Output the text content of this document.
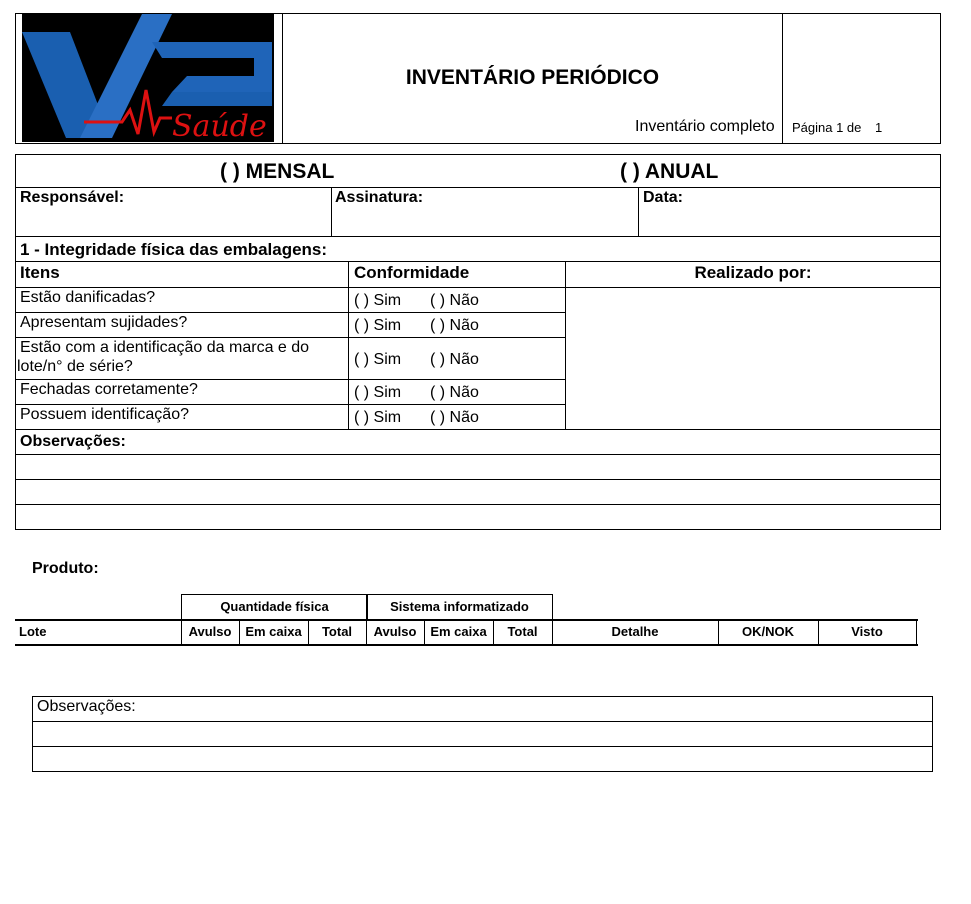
Saúde
INVENTÁRIO PERIÓDICO
Inventário completo Página 1 de 1
( ) MENSAL	( ) ANUAL
Responsável:	Assinatura:	Data:
1 - Integridade física das embalagens:
Itens	Conformidade	Realizado por:
Estão danificadas?	( ) Sim ( ) Não
Apresentam sujidades?	( ) Sim ( ) Não
Estão com a identificação da marca e do
lote/n° de série?	( ) Sim ( ) Não
Fechadas corretamente?	( ) Sim ( ) Não
Possuem identificação?	( ) Sim ( ) Não
Observações:
Produto:
Quantidade física	Sistema informatizado
Lote	Avulso	Em caixa	Total	Avulso	Em caixa	Total	Detalhe	OK/NOK	Visto
Observações:
